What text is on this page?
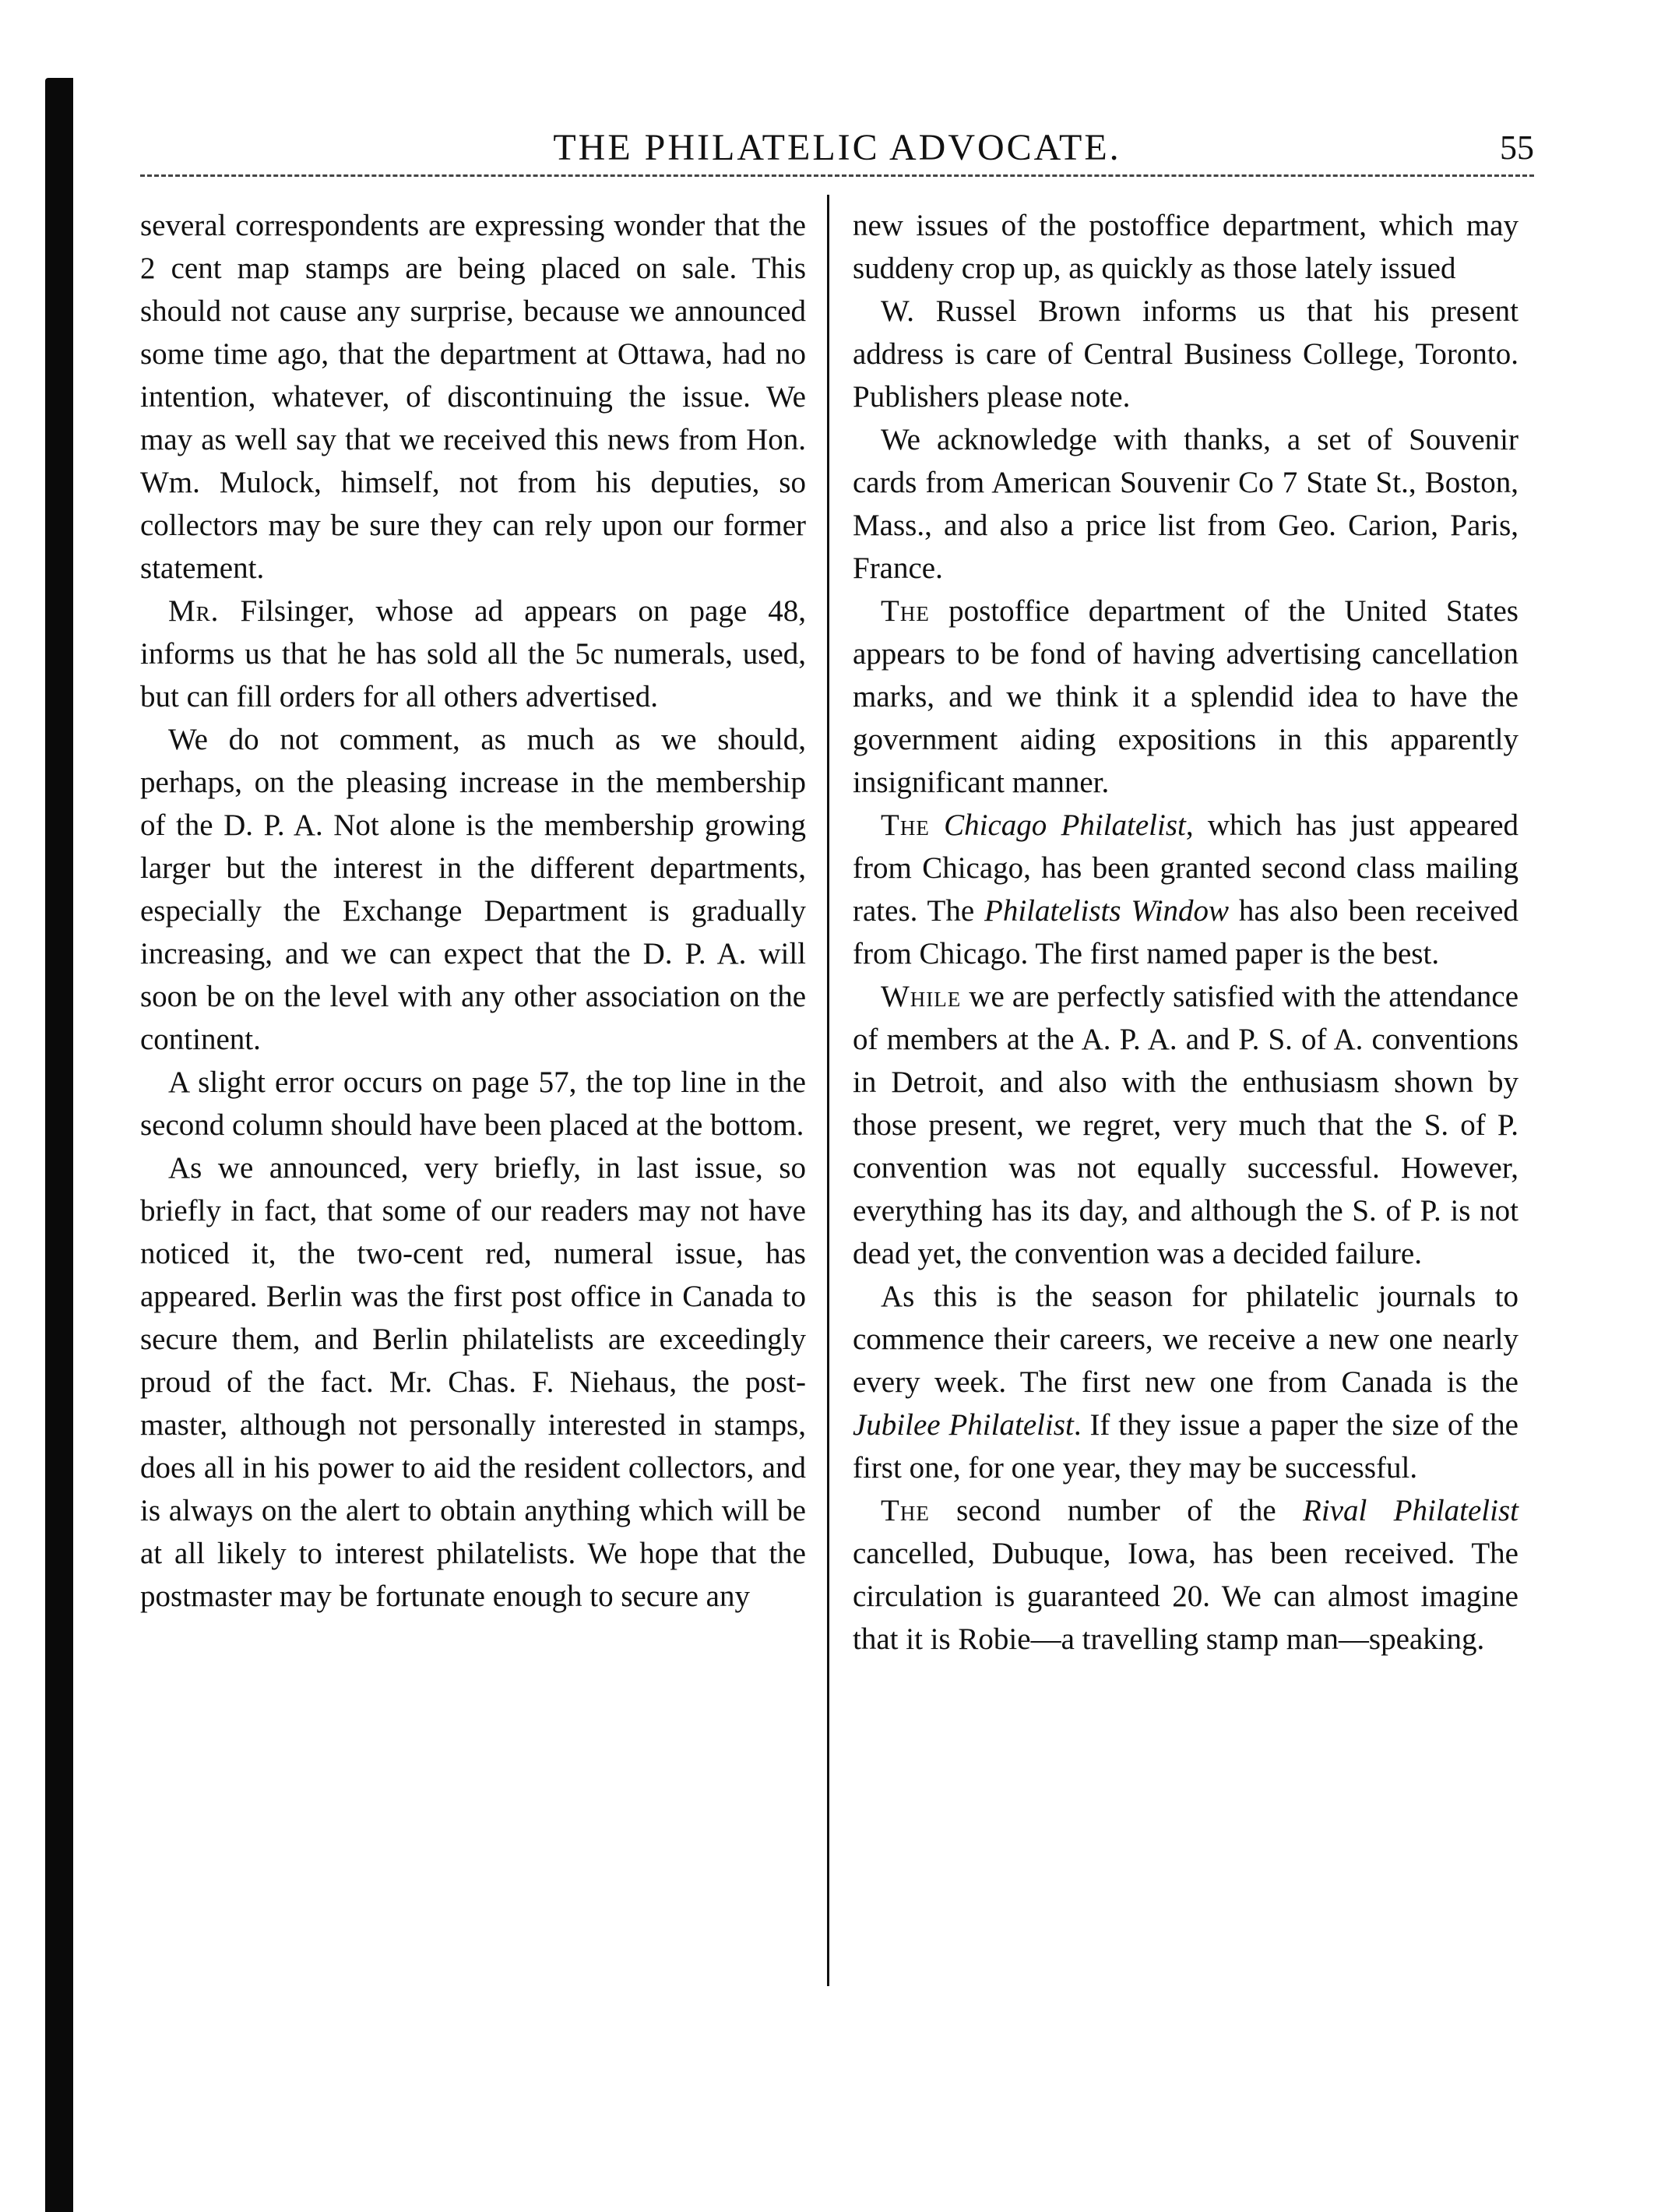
THE PHILATELIC ADVOCATE.	55

several correspondents are expressing wonder that the 2 cent map stamps are being placed on sale. This should not cause any surprise, because we announced some time ago, that the department at Ottawa, had no intention, whatever, of discontinuing the issue. We may as well say that we received this news from Hon. Wm. Mulock, himself, not from his deputies, so collectors may be sure they can rely upon our former statement.

Mr. Filsinger, whose ad appears on page 48, informs us that he has sold all the 5c numerals, used, but can fill orders for all others advertised.

We do not comment, as much as we should, perhaps, on the pleasing increase in the membership of the D. P. A. Not alone is the membership growing larger but the interest in the different departments, especially the Exchange Department is gradually increasing, and we can expect that the D. P. A. will soon be on the level with any other association on the continent.

A slight error occurs on page 57, the top line in the second column should have been placed at the bottom.

As we announced, very briefly, in last issue, so briefly in fact, that some of our readers may not have noticed it, the two-cent red, numeral issue, has appeared. Berlin was the first post office in Canada to secure them, and Berlin philatelists are exceedingly proud of the fact. Mr. Chas. F. Niehaus, the post-master, although not personally interested in stamps, does all in his power to aid the resident collectors, and is always on the alert to obtain anything which will be at all likely to interest philatelists. We hope that the postmaster may be fortunate enough to secure any

new issues of the postoffice department, which may suddeny crop up, as quickly as those lately issued

W. Russel Brown informs us that his present address is care of Central Business College, Toronto. Publishers please note.

We acknowledge with thanks, a set of Souvenir cards from American Souvenir Co 7 State St., Boston, Mass., and also a price list from Geo. Carion, Paris, France.

The postoffice department of the United States appears to be fond of having advertising cancellation marks, and we think it a splendid idea to have the government aiding expositions in this apparently insignificant manner.

The Chicago Philatelist, which has just appeared from Chicago, has been granted second class mailing rates. The Philatelists Window has also been received from Chicago. The first named paper is the best.

While we are perfectly satisfied with the attendance of members at the A. P. A. and P. S. of A. conventions in Detroit, and also with the enthusiasm shown by those present, we regret, very much that the S. of P. convention was not equally successful. However, everything has its day, and although the S. of P. is not dead yet, the convention was a decided failure.

As this is the season for philatelic journals to commence their careers, we receive a new one nearly every week. The first new one from Canada is the Jubilee Philatelist. If they issue a paper the size of the first one, for one year, they may be successful.

The second number of the Rival Philatelist cancelled, Dubuque, Iowa, has been received. The circulation is guaranteed 20. We can almost imagine that it is Robie—a travelling stamp man—speaking.
